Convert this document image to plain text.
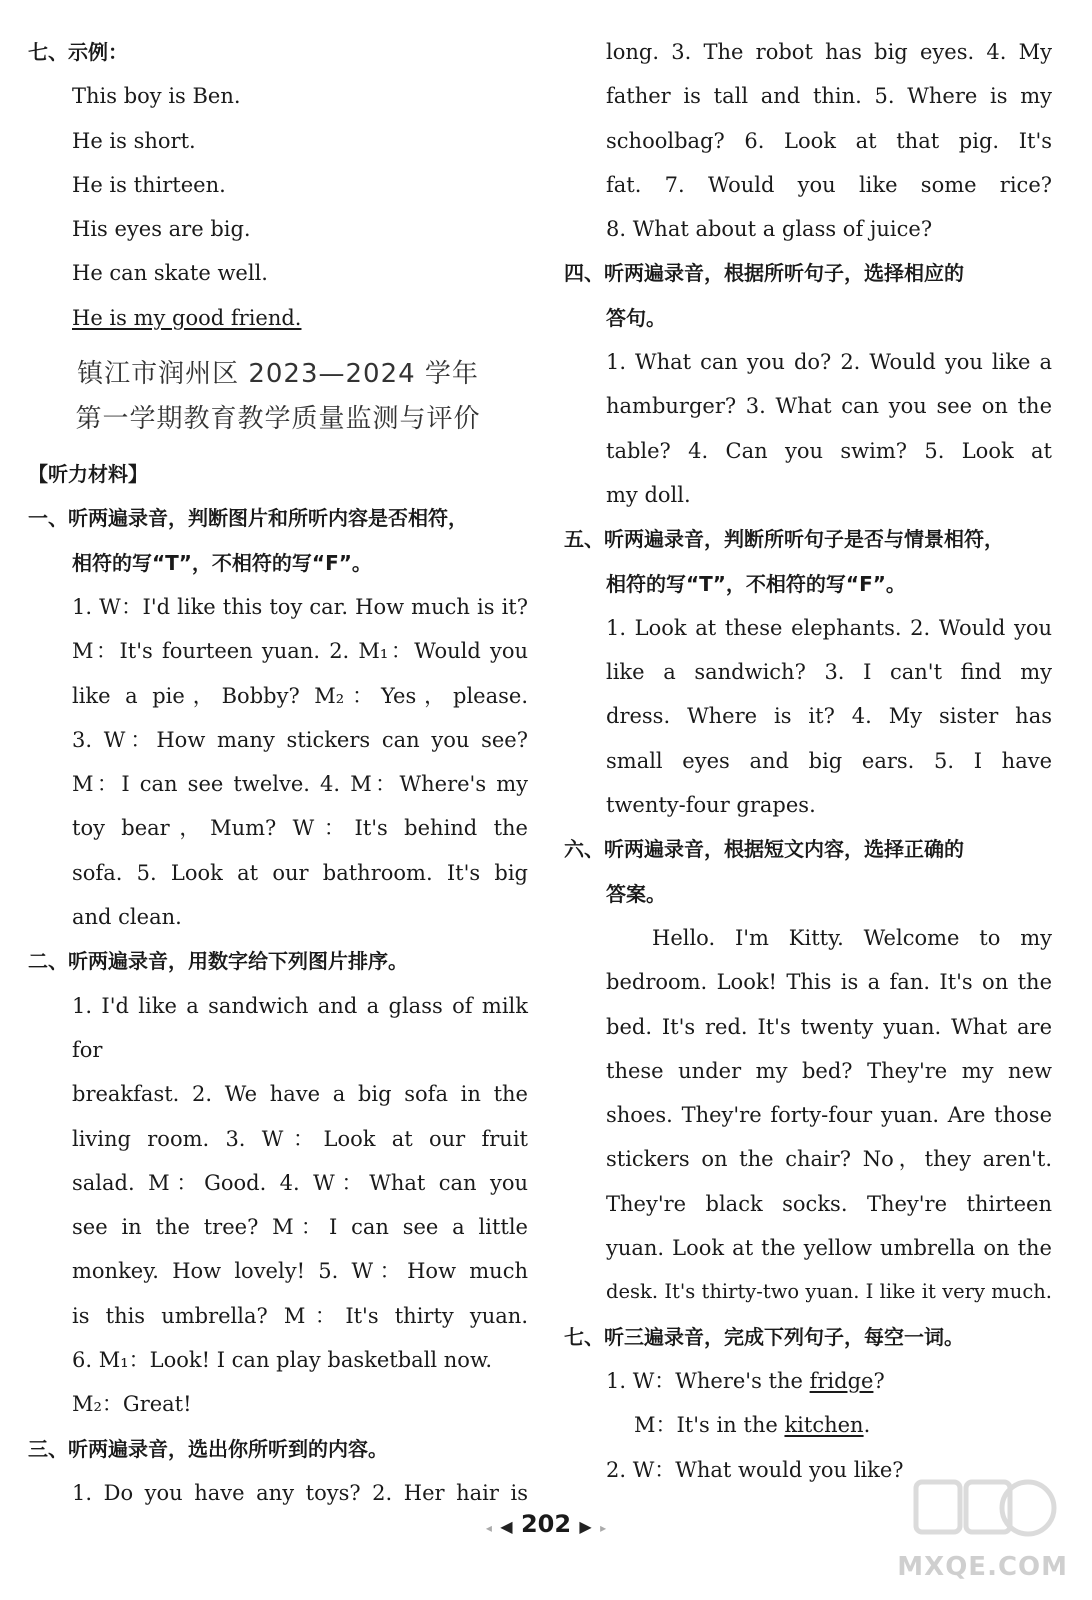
七、示例：
This boy is Ben.
He is short.
He is thirteen.
His eyes are big.
He can skate well.
He is my good friend.
镇江市润州区 2023—2024 学年
第一学期教育教学质量监测与评价
【听力材料】
一、听两遍录音，判断图片和所听内容是否相符，
相符的写“T”，不相符的写“F”。
1. W：I'd like this toy car. How much is it?
M：It's fourteen yuan. 2. M₁：Would you
like a pie，Bobby? M₂：Yes，please.
3. W：How many stickers can you see?
M：I can see twelve. 4. M：Where's my
toy bear，Mum? W：It's behind the
sofa. 5. Look at our bathroom. It's big
and clean.
二、听两遍录音，用数字给下列图片排序。
1. I'd like a sandwich and a glass of milk for
breakfast. 2. We have a big sofa in the
living room. 3. W：Look at our fruit
salad. M：Good. 4. W：What can you
see in the tree? M：I can see a little
monkey. How lovely! 5. W：How much
is this umbrella? M：It's thirty yuan.
6. M₁：Look! I can play basketball now.
M₂：Great!
三、听两遍录音，选出你所听到的内容。
1. Do you have any toys? 2. Her hair is
long. 3. The robot has big eyes. 4. My
father is tall and thin. 5. Where is my
schoolbag? 6. Look at that pig. It's
fat. 7. Would you like some rice?
8. What about a glass of juice?
四、听两遍录音，根据所听句子，选择相应的
答句。
1. What can you do? 2. Would you like a
hamburger? 3. What can you see on the
table? 4. Can you swim? 5. Look at
my doll.
五、听两遍录音，判断所听句子是否与情景相符，
相符的写“T”，不相符的写“F”。
1. Look at these elephants. 2. Would you
like a sandwich? 3. I can't find my
dress. Where is it? 4. My sister has
small eyes and big ears. 5. I have
twenty-four grapes.
六、听两遍录音，根据短文内容，选择正确的
答案。
Hello. I'm Kitty. Welcome to my
bedroom. Look! This is a fan. It's on the
bed. It's red. It's twenty yuan. What are
these under my bed? They're my new
shoes. They're forty-four yuan. Are those
stickers on the chair? No，they aren't.
They're black socks. They're thirteen
yuan. Look at the yellow umbrella on the
desk. It's thirty-two yuan. I like it very much.
七、听三遍录音，完成下列句子，每空一词。
1. W：Where's the fridge?
M：It's in the kitchen.
2. W：What would you like?
◂ ◀ 202 ▶ ▸
MXQE.COM
